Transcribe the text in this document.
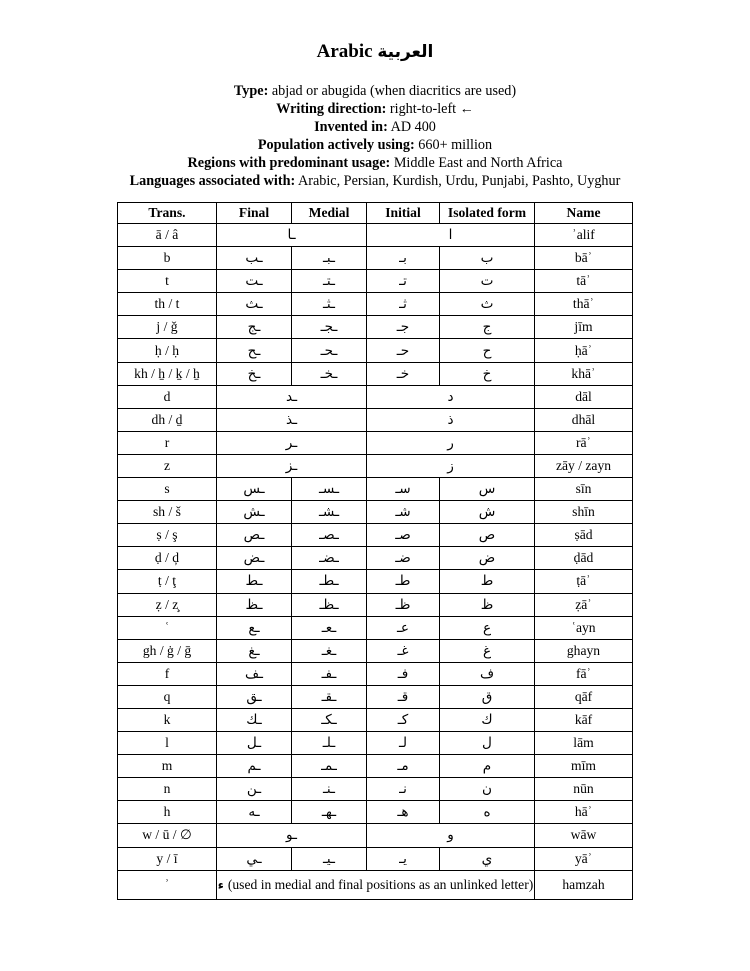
Arabic العربية
Type: abjad or abugida (when diacritics are used)
Writing direction: right-to-left ←
Invented in: AD 400
Population actively using: 660+ million
Regions with predominant usage: Middle East and North Africa
Languages associated with: Arabic, Persian, Kurdish, Urdu, Punjabi, Pashto, Uyghur
Trans.	Final	Medial	Initial	Isolated form	Name
ā / â	ـا		ا		ʾalif
b	ـب	ـبـ	بـ	ب	bāʾ
t	ـت	ـتـ	تـ	ت	tāʾ
th / t	ـث	ـثـ	ثـ	ث	thāʾ
j / ǧ	ـج	ـجـ	جـ	ج	jīm
ḥ / ḥ	ـح	ـحـ	حـ	ح	ḥāʾ
kh / ẖ / ḵ / ẖ	ـخ	ـخـ	خـ	خ	khāʾ
d	ـد		د		dāl
dh / ḏ	ـذ		ذ		dhāl
r	ـر		ر		rāʾ
z	ـز		ز		zāy / zayn
s	ـس	ـسـ	سـ	س	sīn
sh / š	ـش	ـشـ	شـ	ش	shīn
ṣ / ş	ـص	ـصـ	صـ	ص	ṣād
ḍ / ḑ	ـض	ـضـ	ضـ	ض	ḍād
ṭ / ţ	ـط	ـطـ	طـ	ط	ṭāʾ
ẓ / z̧	ـظ	ـظـ	ظـ	ظ	ẓāʾ
ʿ	ـع	ـعـ	عـ	ع	ʿayn
gh / ġ / ḡ	ـغ	ـغـ	غـ	غ	ghayn
f	ـف	ـفـ	فـ	ف	fāʾ
q	ـق	ـقـ	قـ	ق	qāf
k	ـك	ـكـ	كـ	ك	kāf
l	ـل	ـلـ	لـ	ل	lām
m	ـم	ـمـ	مـ	م	mīm
n	ـن	ـنـ	نـ	ن	nūn
h	ـه	ـهـ	هـ	ه	hāʾ
w / ū / ∅	ـو		و		wāw
y / ī	ـي	ـيـ	يـ	ي	yāʾ
ʾ	ء (used in medial and final positions as an unlinked letter)				hamzah
